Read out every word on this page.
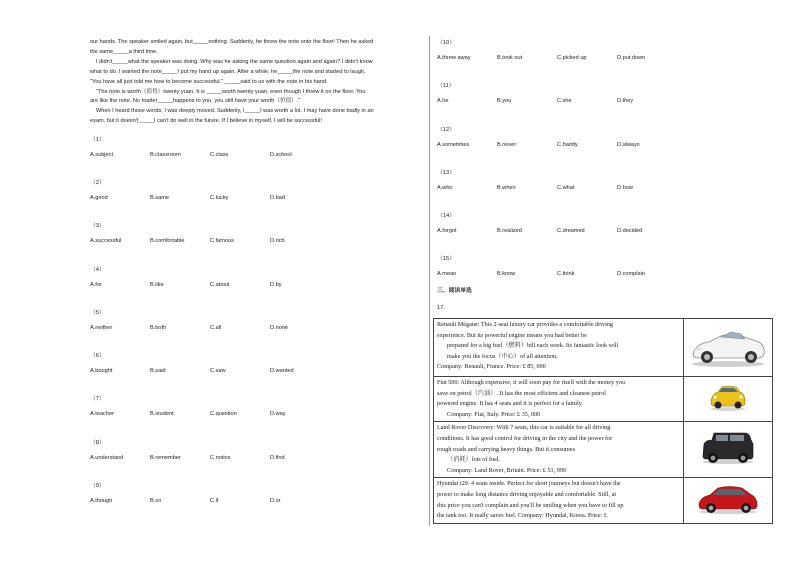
our hands. The speaker smiled again, but_____nothing. Suddenly, he threw the note onto the floor! Then he asked

the same_____a third time.

I didn't_____what the speaker was doing. Why was he asking the same question again and again? I didn't know

what to do. I wanted the note_____I put my hand up again. After a while, he_____the note and started to laugh.

"You have all just told me how to become successful." _____said to us with the note in his hand.

"The note is worth（值得）twenty yuan. It is _____worth twenty yuan, even though I threw it on the floor. You

are like the note. No matter_____happens to you, you still have your worth（价值）."

When I heard those words, I was deeply moved. Suddenly, I_____I was worth a lot. I may have done badly in an

exam, but it doesn't_____I can't do well in the future. If I believe in myself, I will be successful!

（1）
A.subject	B.classroom	C.class	D.school
（2）
A.good	B.same	C.lucky	D.bad
（3）
A.successful	B.comfortable	C.famous	D.rich
（4）
A.for	B.like	C.about	D.by
（5）
A.neither	B.both	C.all	D.none
（6）
A.bought	B.said	C.saw	D.wanted
（7）
A.teacher	B.student	C.question	D.way
（8）
A.understand	B.remember	C.notice	D.find
（9）
A.though	B.so	C.if	D.or
（10）
A.threw away	B.took out	C.picked up	D.put down
（11）
A.he	B.you	C.she	D.they
（12）
A.sometimes	B.never	C.hardly	D.always
（13）
A.who	B.when	C.what	D.how
（14）
A.forgot	B.realized	C.dreamed	D.decided
（15）
A.mean	B.know	C.think	D.complain
三、阅读单选
17.
Renault Mégane: This 2-seat luxury car provides a comfortable driving
experience. But its powerful engine means you had better be
prepared for a big fuel（燃料）bill each week. Its fantastic look will
make you the focus（中心）of all attention.
Company: Renault, France. Price: £ 85, 000

Fiat 500: Although expensive, it will soon pay for itself with the money you
save on petrol（汽油）. It has the most efficient and cleanest petrol
powered engine. It has 4 seats and it is perfect for a family.
Company: Fiat, Italy. Price: £ 35, 000

Land Rover Discovery: With 7 seats, this car is suitable for all driving
conditions. It has good control for driving in the city and the power for
rough roads and carrying heavy things. But it consumes
（消耗）lots of fuel.
Company: Land Rover, Britain. Price: £ 51, 999

Hyundai i20: 4 seats inside. Perfect for short journeys but doesn't have the
power to make long distance driving enjoyable and comfortable. Still, at
this price you can't complain and you'll be smiling when you have to fill up
the tank too. It really saves fuel. Company: Hyundai, Korea. Price: £
